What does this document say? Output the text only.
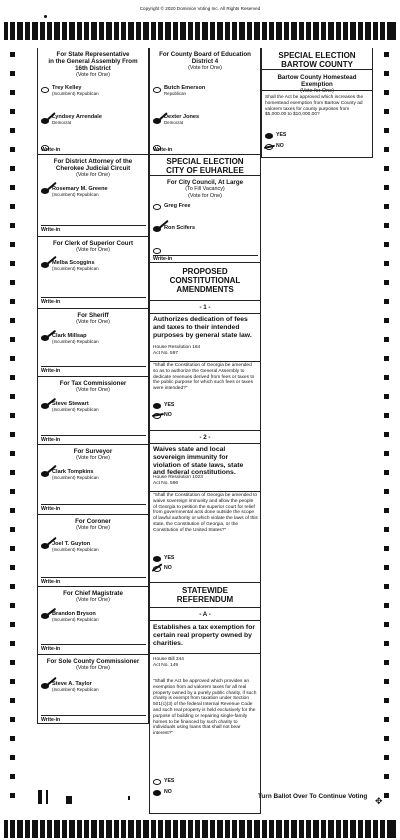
Copyright © 2020 Dominion Voting Inc. All Rights Reserved
For State Representative
in the General Assembly From
16th District
(Vote for One)
Trey Kelley
(Incumbent) Republican
Lyndsey Arrendale
Democrat
Write-in
For District Attorney of the
Cherokee Judicial Circuit
(Vote for One)
Rosemary M. Greene
(Incumbent) Republican
Write-in
For Clerk of Superior Court
(Vote for One)
Melba Scoggins
(Incumbent) Republican
Write-in
For Sheriff
(Vote for One)
Clark Millsap
(Incumbent) Republican
Write-in
For Tax Commissioner
(Vote for One)
Steve Stewart
(Incumbent) Republican
Write-in
For Surveyor
(Vote for One)
Clark Tompkins
(Incumbent) Republican
Write-in
For Coroner
(Vote for One)
Joel T. Guyton
(Incumbent) Republican
Write-in
For Chief Magistrate
(Vote for One)
Brandon Bryson
(Incumbent) Republican
Write-in
For Sole County Commissioner
(Vote for One)
Steve A. Taylor
(Incumbent) Republican
Write-in
For County Board of Education
District 4
(Vote for One)
Butch Emerson
Republican
Dexter Jones
Democrat
Write-in
SPECIAL ELECTION
CITY OF EUHARLEE
For City Council, At Large
(To Fill Vacancy)
(Vote for One)
Greg Free
Ron Scifers
Write-in
PROPOSED
CONSTITUTIONAL
AMENDMENTS
- 1 -
Authorizes dedication of fees and taxes to their intended purposes by general state law.
House Resolution 164
Act No. 597
"Shall the Constitution of Georgia be amended so as to authorize the General Assembly to dedicate revenues derived from fees or taxes to the public purpose for which such fees or taxes were intended?"
YES
NO
- 2 -
Waives state and local sovereign immunity for violation of state laws, state and federal constitutions.
House Resolution 1023
Act No. 596
"Shall the Constitution of Georgia be amended to waive sovereign immunity and allow the people of Georgia to petition the superior court for relief from governmental acts done outside the scope of lawful authority or which violate the laws of this state, the Constitution of Georgia, or the Constitution of the United States?"
YES
NO
STATEWIDE
REFERENDUM
- A -
Establishes a tax exemption for certain real property owned by charities.
House Bill 344
Act No. 149
"Shall the Act be approved which provides an exemption from ad valorem taxes for all real property owned by a purely public charity, if such charity is exempt from taxation under Section 501(c)(3) of the federal Internal Revenue Code and such real property is held exclusively for the purpose of building or repairing single-family homes to be financed by such charity to individuals using loans that shall not bear interest?"
YES
NO
SPECIAL ELECTION
BARTOW COUNTY
Bartow County Homestead Exemption
(Vote for One)
Shall the Act be approved which increases the homestead exemption from Bartow County ad valorem taxes for county purposes from $5,000.00 to $10,000.00?
YES
NO
Turn Ballot Over To Continue Voting ✥
